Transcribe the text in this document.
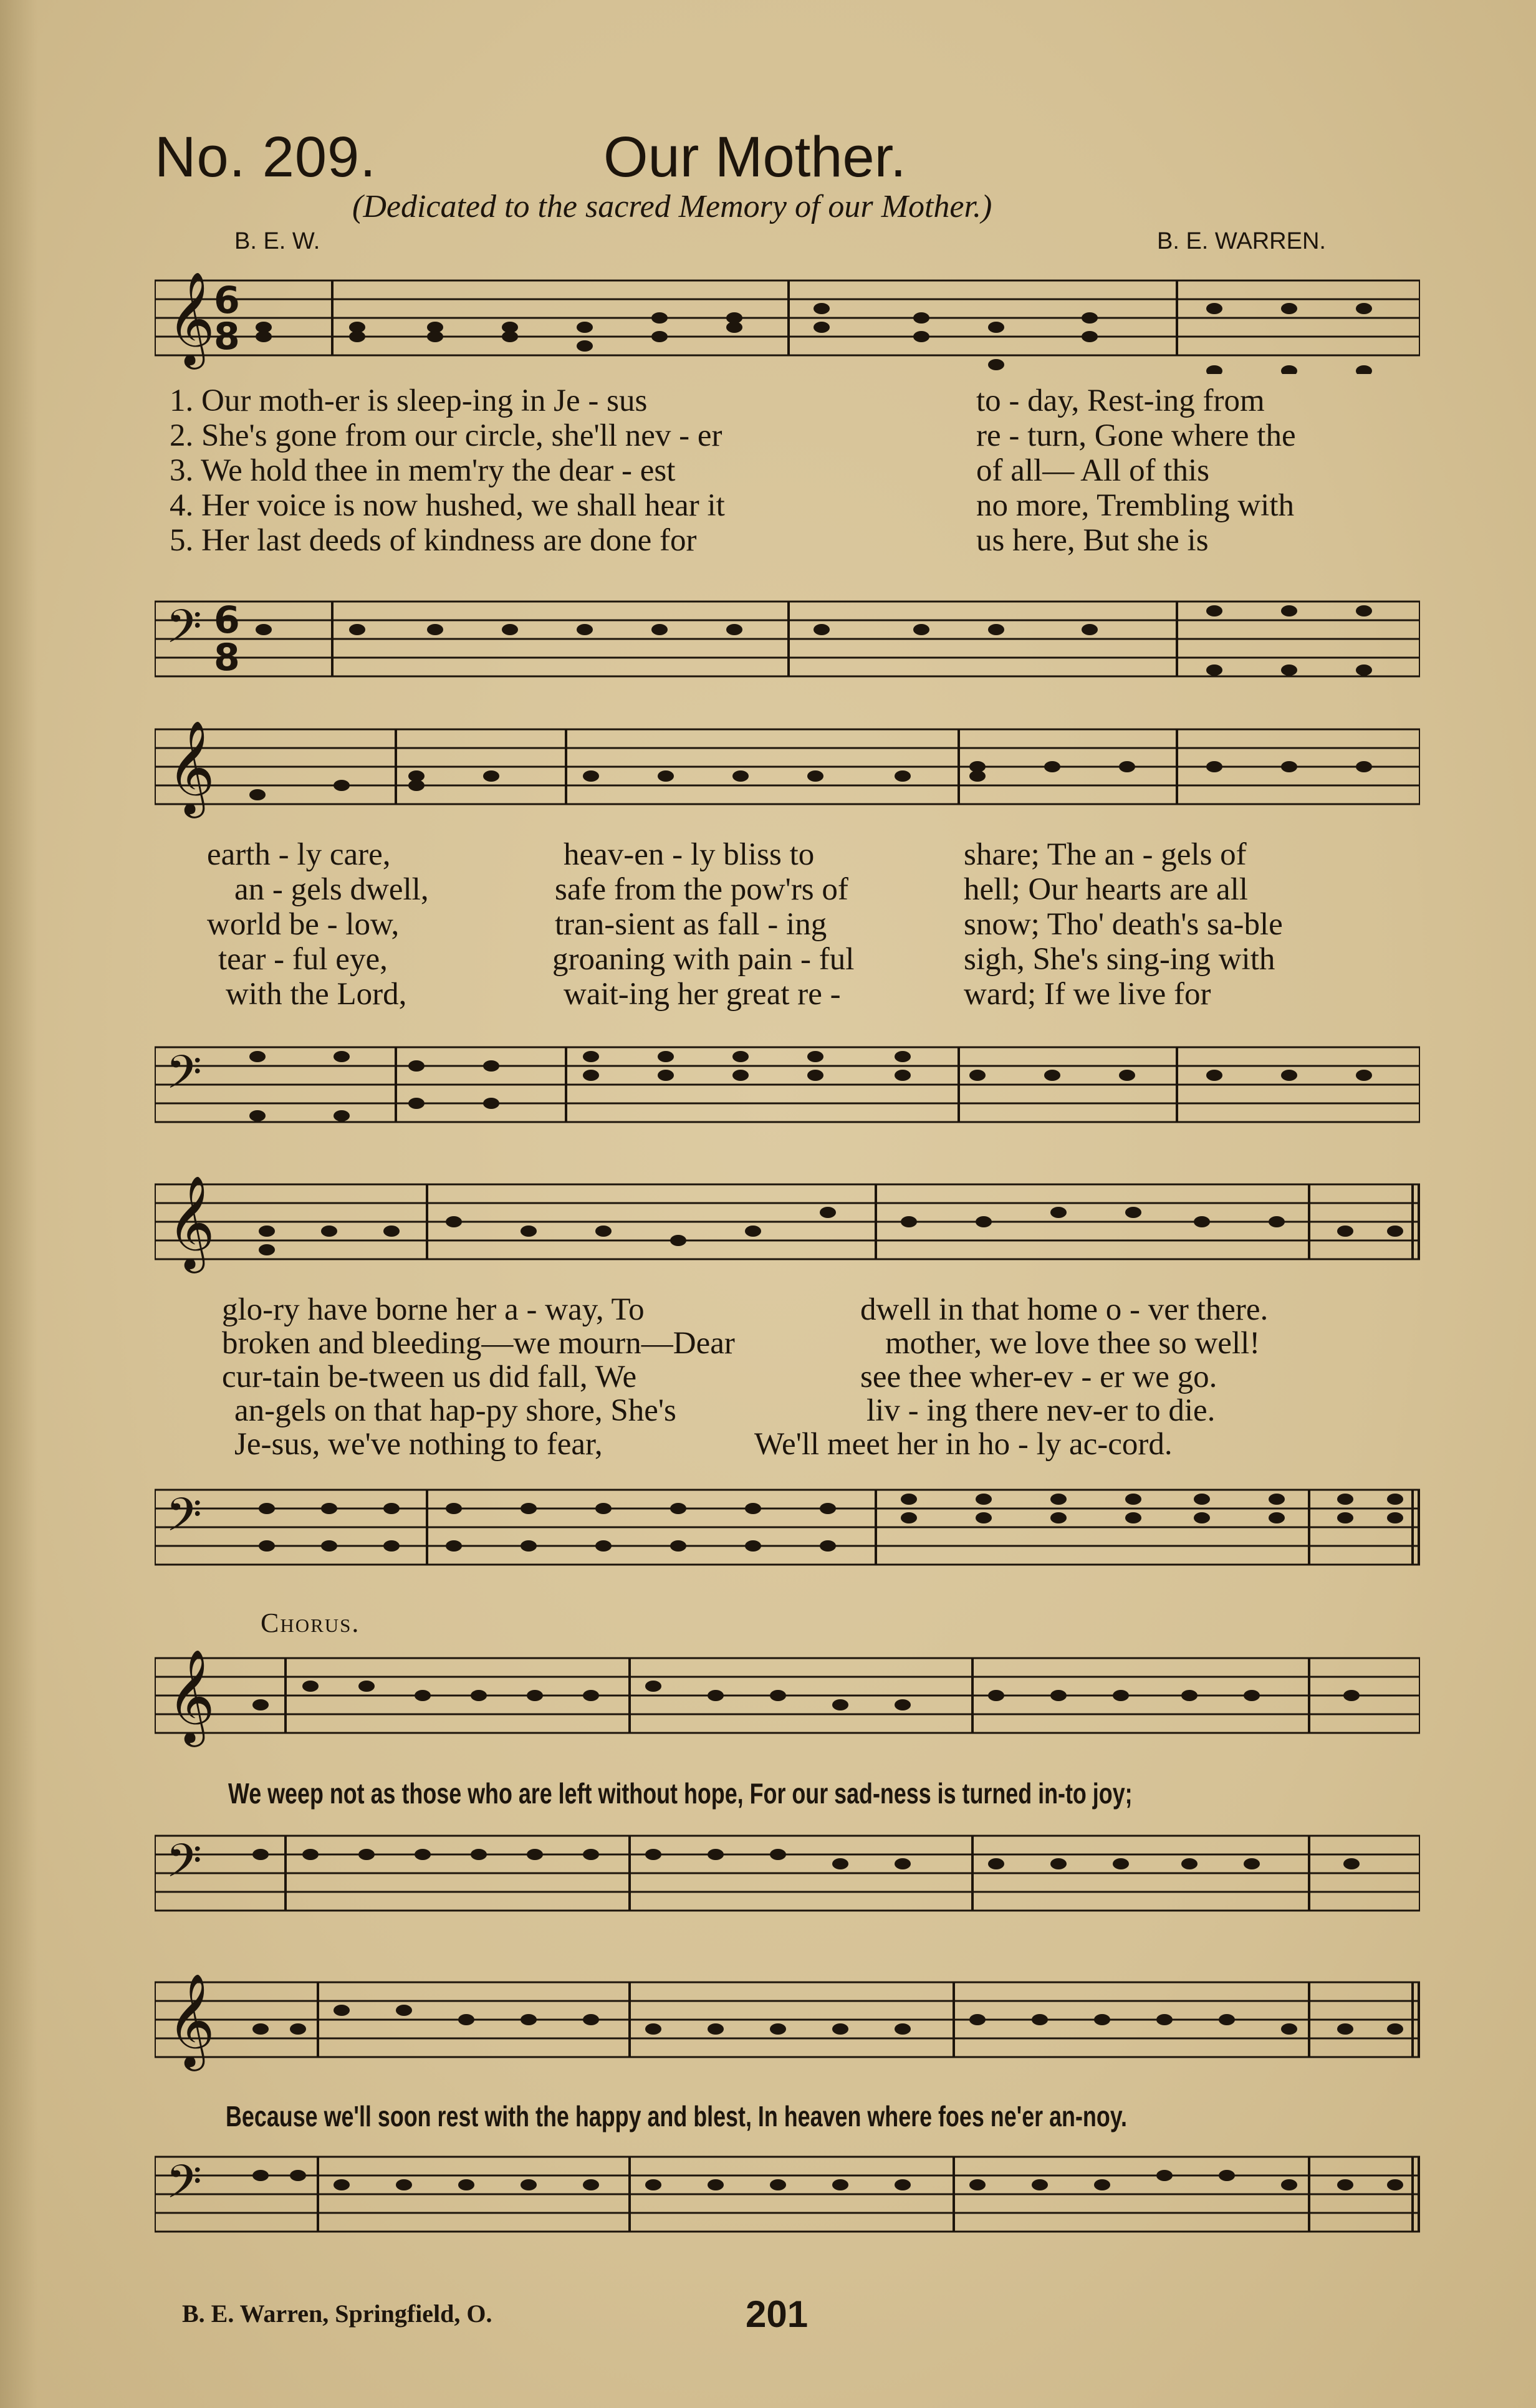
No. 209.	Our Mother.
(Dedicated to the sacred Memory of our Mother.)
B. E. W.	B. E. WARREN.
𝄞
6
8
1. Our moth-er is sleep-ing in Je - sus	to - day, Rest-ing from
2. She's gone from our circle, she'll nev - er	re - turn, Gone where the
3. We hold thee in mem'ry the dear - est	of all— All of this
4. Her voice is now hushed, we shall hear it	no more, Trembling with
5. Her last deeds of kindness are done for	us here, But she is
𝄢 6
8
𝄞
earth - ly care,	heav-en - ly bliss to	share; The an - gels of
an - gels dwell,	safe from the pow'rs of	hell; Our hearts are all
world be - low,	tran-sient as fall - ing	snow; Tho' death's sa-ble
tear - ful eye,	groaning with pain - ful	sigh, She's sing-ing with
with the Lord,	wait-ing her great re -	ward; If we live for
𝄢
𝄞
glo-ry have borne her a - way, To	dwell in that home o - ver there.
broken and bleeding—we mourn—Dear	mother, we love thee so well!
cur-tain be-tween us did fall, We	see thee wher-ev - er we go.
an-gels on that hap-py shore, She's	liv - ing there nev-er to die.
Je-sus, we've nothing to fear,	We'll meet her in ho - ly ac-cord.
𝄢
Chorus.
𝄞
We weep not as those who are left without hope, For our sad-ness is turned in-to joy;
𝄢
𝄞
Because we'll soon rest with the happy and blest, In heaven where foes ne'er an-noy.
𝄢
B. E. Warren, Springfield, O.	201
